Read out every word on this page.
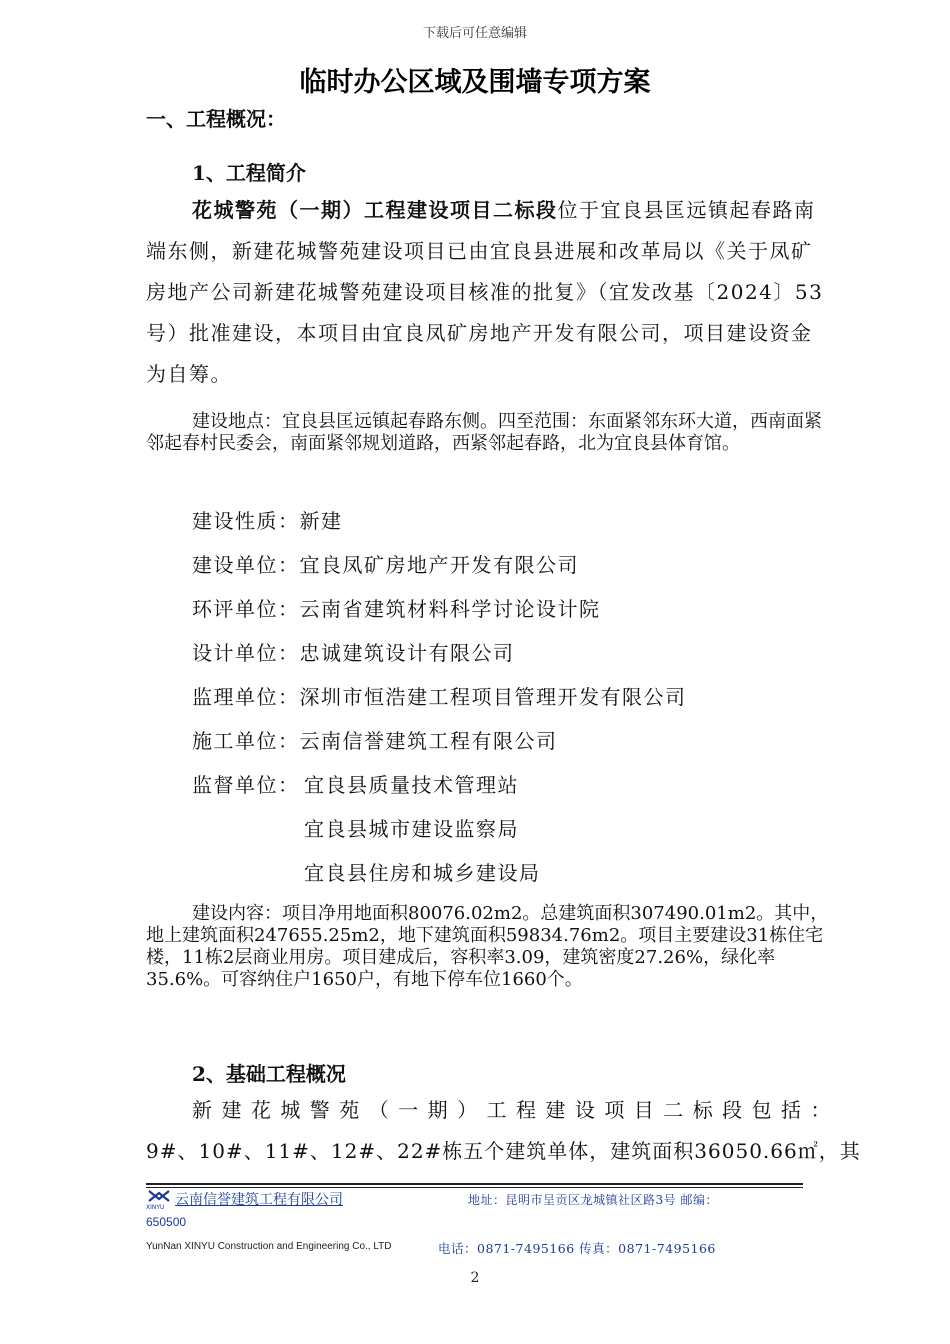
下载后可任意编辑
临时办公区域及围墙专项方案
一、工程概况：
1、工程简介
花城警苑（一期）工程建设项目二标段位于宜良县匡远镇起春路南端东侧，新建花城警苑建设项目已由宜良县进展和改革局以《关于凤矿房地产公司新建花城警苑建设项目核准的批复》（宜发改基〔2024〕53号）批准建设，本项目由宜良凤矿房地产开发有限公司，项目建设资金为自筹。
建设地点：宜良县匡远镇起春路东侧。四至范围：东面紧邻东环大道，西南面紧邻起春村民委会，南面紧邻规划道路，西紧邻起春路，北为宜良县体育馆。
建设性质：新建
建设单位：宜良凤矿房地产开发有限公司
环评单位：云南省建筑材料科学讨论设计院
设计单位：忠诚建筑设计有限公司
监理单位：深圳市恒浩建工程项目管理开发有限公司
施工单位：云南信誉建筑工程有限公司
监督单位： 宜良县质量技术管理站
宜良县城市建设监察局
宜良县住房和城乡建设局
建设内容：项目净用地面积80076.02m2。总建筑面积307490.01m2。其中，地上建筑面积247655.25m2，地下建筑面积59834.76m2。项目主要建设31栋住宅楼，11栋2层商业用房。项目建成后，容积率3.09，建筑密度27.26%，绿化率35.6%。可容纳住户1650户，有地下停车位1660个。
2、基础工程概况
新建花城警苑（一期）工程建设项目二标段包括：
9#、10#、11#、12#、22#栋五个建筑单体，建筑面积36050.66㎡，其
XINYU 云南信誉建筑工程有限公司	地址：昆明市呈贡区龙城镇社区路3号 邮编：
650500
YunNan XINYU Construction and Engineering Co., LTD	电话：0871-7495166 传真：0871-7495166
2
